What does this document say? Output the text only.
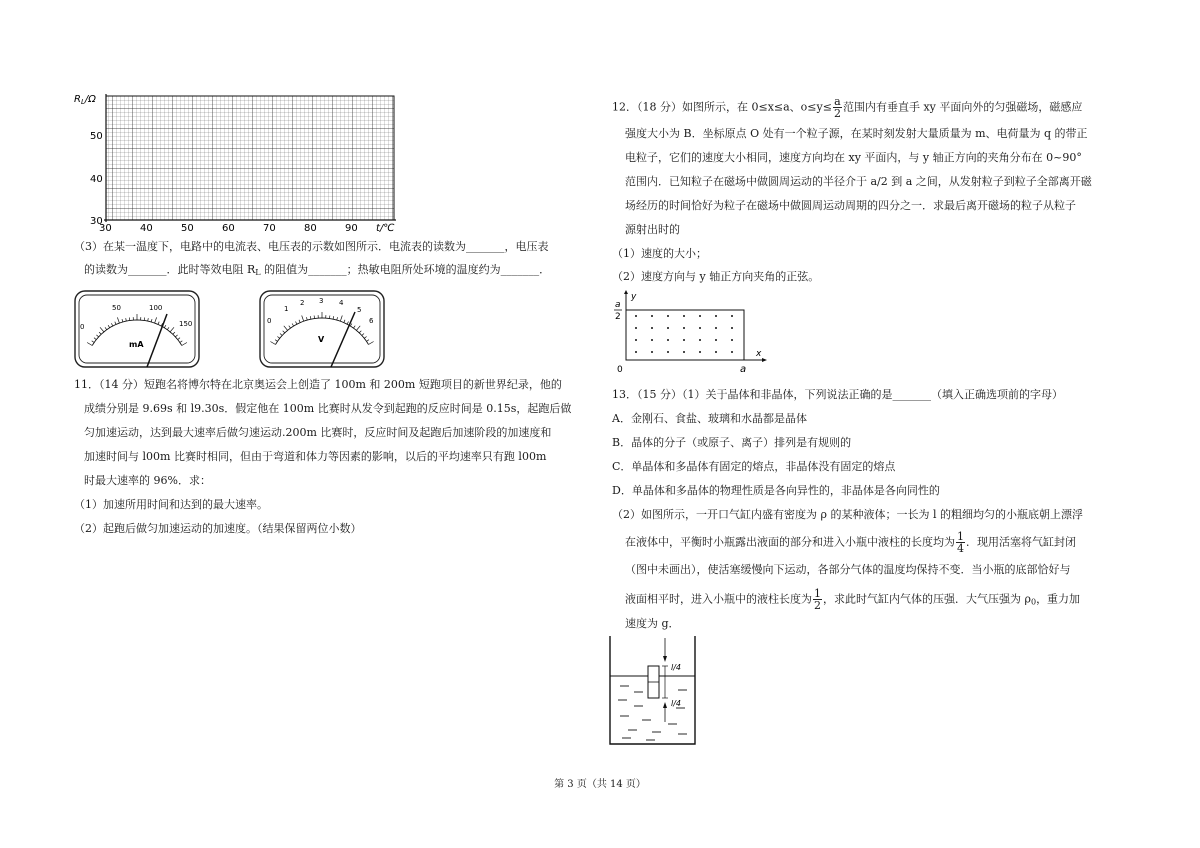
$R_L/\Omega$
50
40
30
30	40	50	60	70	80	90 t/℃
（3）在某一温度下，电路中的电流表、电压表的示数如图所示．电流表的读数为_______，电压表
的读数为_______．此时等效电阻 $R_L$ 的阻值为_______；热敏电阻所处环境的温度约为_______．
0
50	100
150
mA
0
1
2 3 4
5
6
V
11．（14 分）短跑名将博尔特在北京奥运会上创造了 100m 和 200m 短跑项目的新世界纪录，他的
成绩分别是 9.69s 和 l9.30s．假定他在 100m 比赛时从发令到起跑的反应时间是 0.15s，起跑后做
匀加速运动，达到最大速率后做匀速运动.200m 比赛时，反应时间及起跑后加速阶段的加速度和
加速时间与 l00m 比赛时相同，但由于弯道和体力等因素的影响，以后的平均速率只有跑 l00m
时最大速率的 96%．求：
（1）加速所用时间和达到的最大速率。
（2）起跑后做匀加速运动的加速度。（结果保留两位小数）
12．（18 分）如图所示，在 0≤x≤a、$o\le y\le \frac{a}{2}$ 范围内有垂直手 xy 平面向外的匀强磁场，磁感应
强度大小为 B．坐标原点 O 处有一个粒子源，在某时刻发射大量质量为 m、电荷量为 q 的带正
电粒子，它们的速度大小相同，速度方向均在 xy 平面内，与 y 轴正方向的夹角分布在 0~90°
范围内．已知粒子在磁场中做圆周运动的半径介于 a/2 到 a 之间，从发射粒子到粒子全部离开磁
场经历的时间恰好为粒子在磁场中做圆周运动周期的四分之一．求最后离开磁场的粒子从粒子
源射出时的
（1）速度的大小；
（2）速度方向与 y 轴正方向夹角的正弦。
y
x
0
a
2
a
13．（15 分）（1）关于晶体和非晶体，下列说法正确的是_______（填入正确选项前的字母）
A．金刚石、食盐、玻璃和水晶都是晶体
B．晶体的分子（或原子、离子）排列是有规则的
C．单晶体和多晶体有固定的熔点，非晶体没有固定的熔点
D．单晶体和多晶体的物理性质是各向异性的，非晶体是各向同性的
（2）如图所示，一开口气缸内盛有密度为 ρ 的某种液体；一长为 l 的粗细均匀的小瓶底朝上漂浮
在液体中，平衡时小瓶露出液面的部分和进入小瓶中液柱的长度均为 $\frac{1}{4}$ ．现用活塞将气缸封闭
（图中未画出），使活塞缓慢向下运动，各部分气体的温度均保持不变．当小瓶的底部恰好与
液面相平时，进入小瓶中的液柱长度为 $\frac{1}{2}$ ，求此时气缸内气体的压强．大气压强为 $\rho_0$，重力加
速度为 g．
l/4
l/4
第 3 页（共 14 页）
